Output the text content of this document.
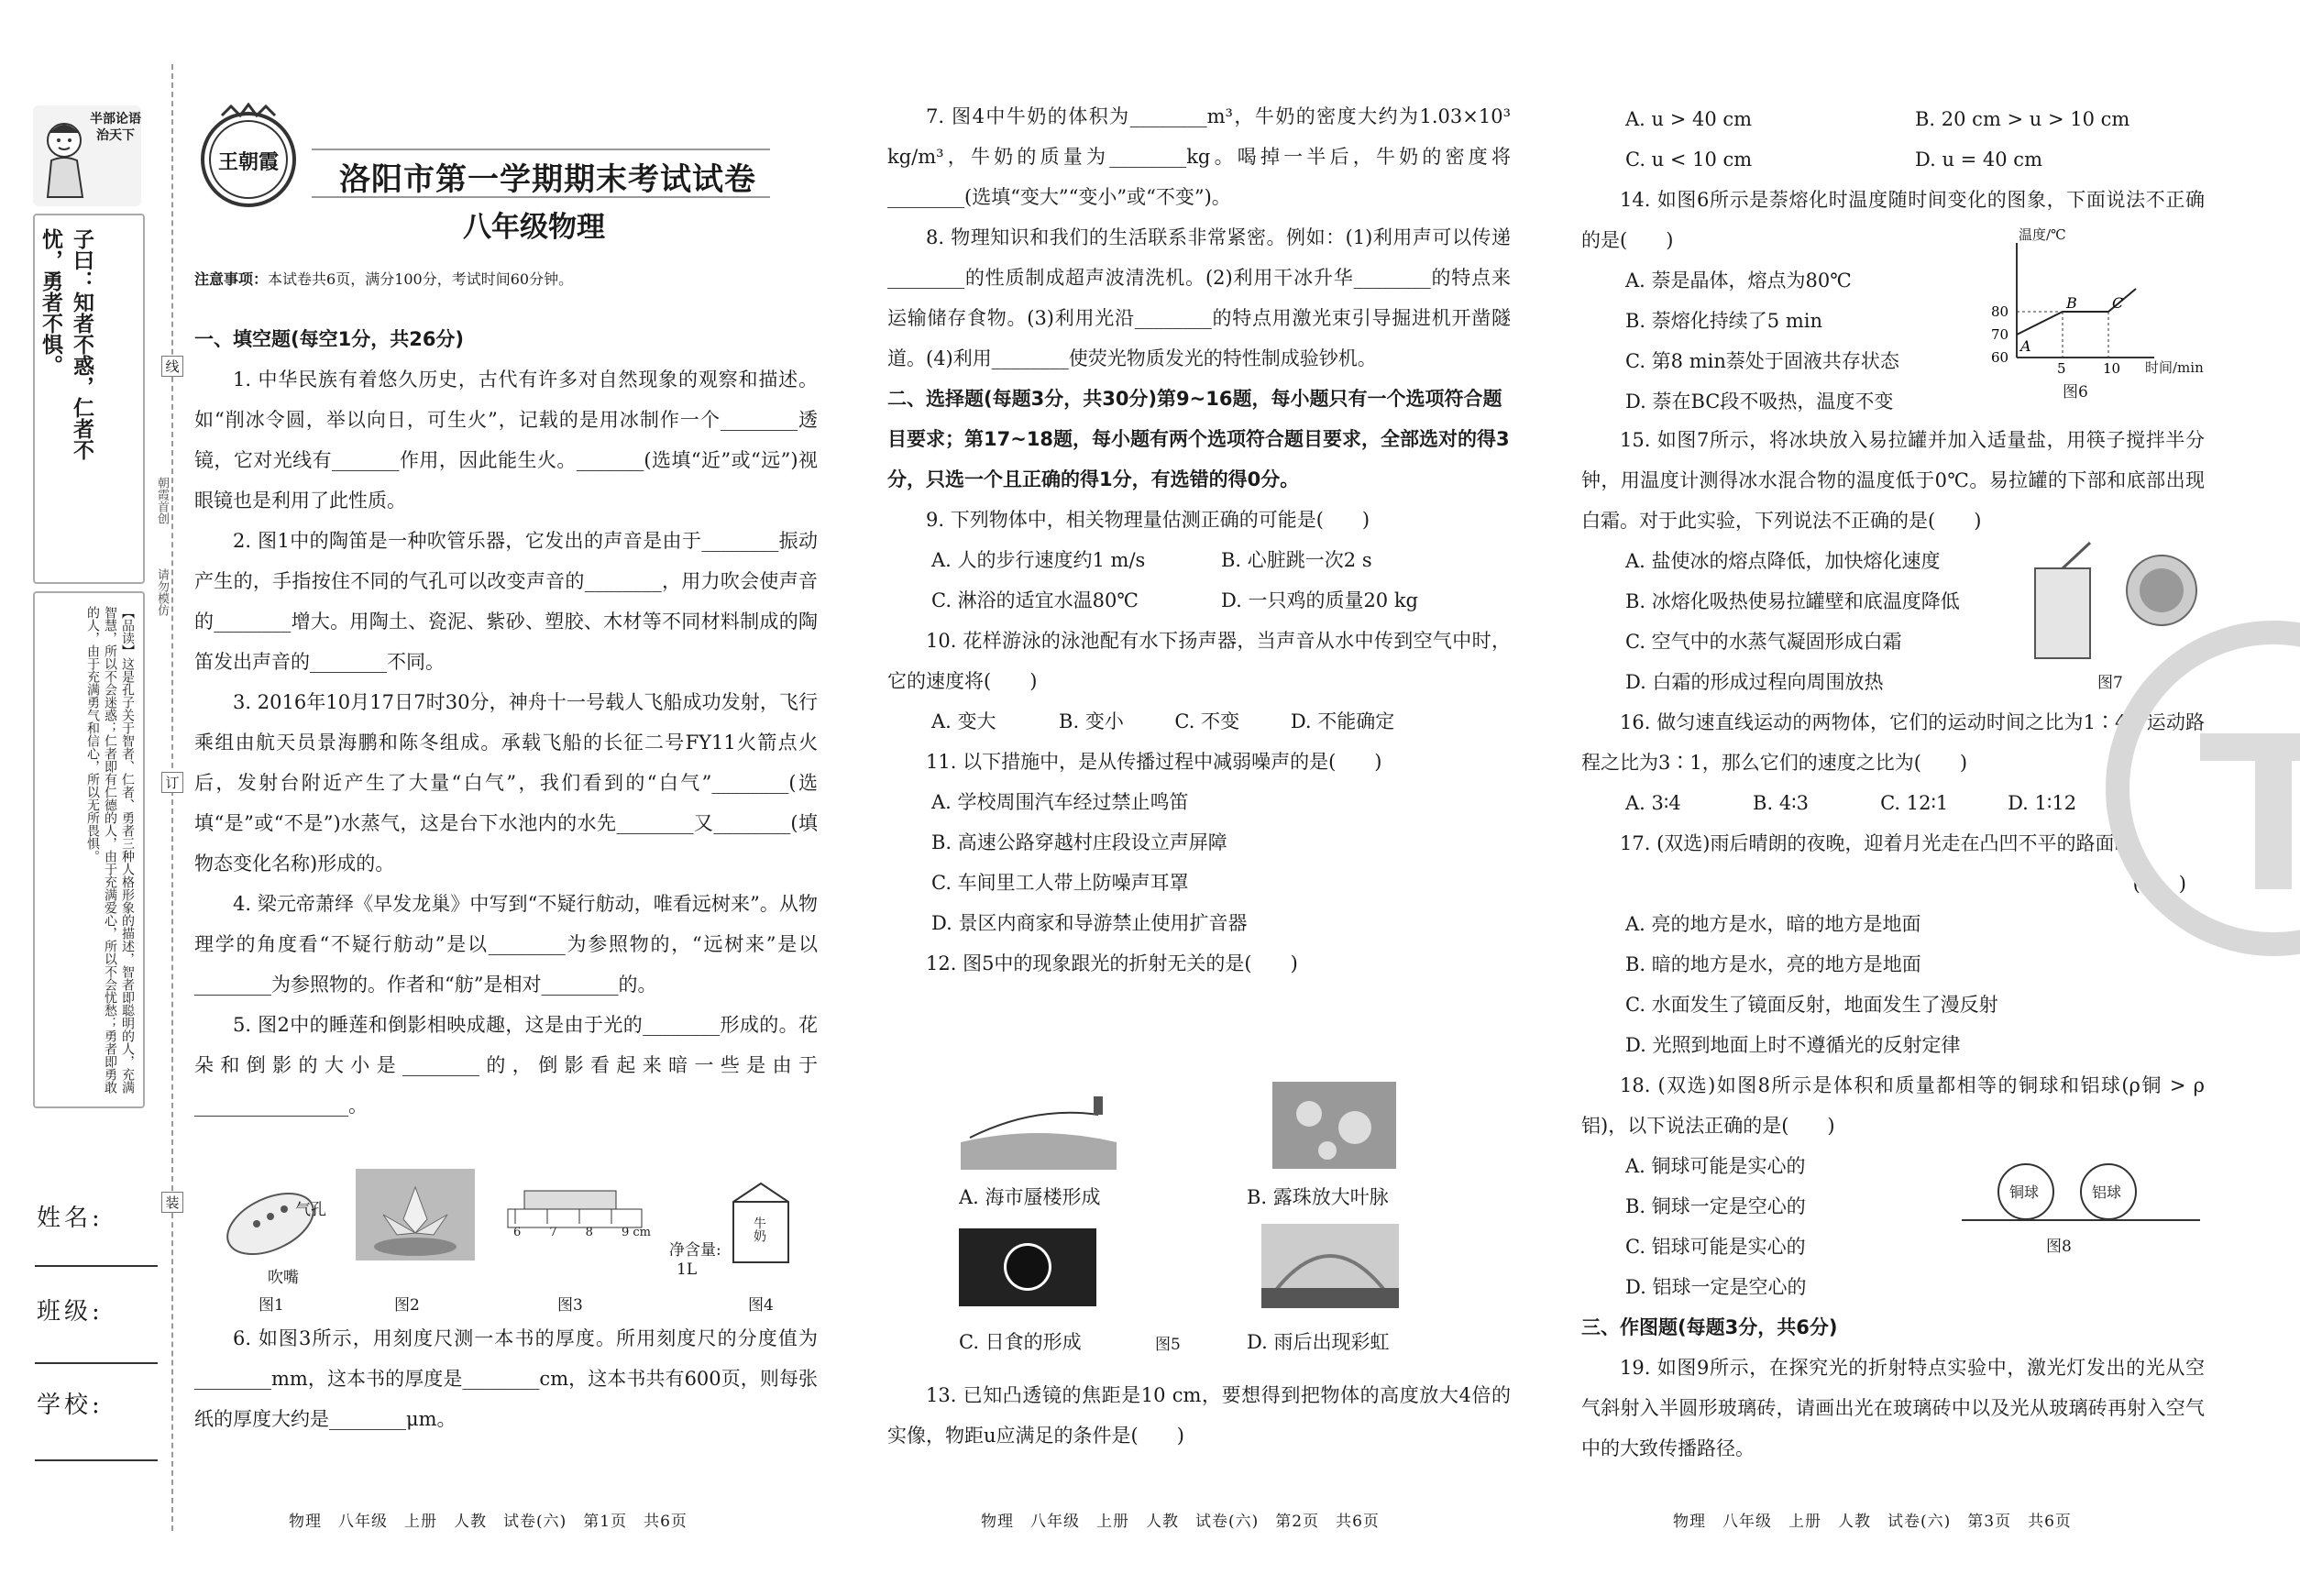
半部论语治天下
子曰：知者不惑，仁者不
忧，勇者不惧。
【品读】这是孔子关于智者、仁者、勇者三种人格形象的描述，智者即聪明的人，充满智慧，所以不会迷惑；仁者即有仁德的人，由于充满爱心，所以不会忧愁；勇者即勇敢的人，由于充满勇气和信心，所以无所畏惧。
姓名:
班级:
学校:
线
订
装
朝霞首创
请勿模仿
王朝霞 洛阳市第一学期期末考试试卷
八年级物理
注意事项：本试卷共6页，满分100分，考试时间60分钟。

一、填空题(每空1分，共26分)

1. 中华民族有着悠久历史，古代有许多对自然现象的观察和描述。如“削冰令圆，举以向日，可生火”，记载的是用冰制作一个________透镜，它对光线有_______作用，因此能生火。_______(选填“近”或“远”)视眼镜也是利用了此性质。

2. 图1中的陶笛是一种吹管乐器，它发出的声音是由于________振动产生的，手指按住不同的气孔可以改变声音的________，用力吹会使声音的________增大。用陶土、瓷泥、紫砂、塑胶、木材等不同材料制成的陶笛发出声音的________不同。

3. 2016年10月17日7时30分，神舟十一号载人飞船成功发射，飞行乘组由航天员景海鹏和陈冬组成。承载飞船的长征二号FY11火箭点火后，发射台附近产生了大量“白气”，我们看到的“白气”________(选填“是”或“不是”)水蒸气，这是台下水池内的水先________又________(填物态变化名称)形成的。

4. 梁元帝萧绎《早发龙巢》中写到“不疑行舫动，唯看远树来”。从物理学的角度看“不疑行舫动”是以________为参照物的，“远树来”是以________为参照物的。作者和“舫”是相对________的。

5. 图2中的睡莲和倒影相映成趣，这是由于光的________形成的。花朵和倒影的大小是________的，倒影看起来暗一些是由于________________。

气孔
吹嘴
图1	图2
6 7 8 9 cm
图3
牛奶
净含量:
1L
图4

6. 如图3所示，用刻度尺测一本书的厚度。所用刻度尺的分度值为________mm，这本书的厚度是________cm，这本书共有600页，则每张纸的厚度大约是________μm。

物理　八年级　上册　人教　试卷(六)　第1页　共6页

7. 图4中牛奶的体积为________m³，牛奶的密度大约为1.03×10³ kg/m³，牛奶的质量为________kg。喝掉一半后，牛奶的密度将________(选填“变大”“变小”或“不变”)。

8. 物理知识和我们的生活联系非常紧密。例如：(1)利用声可以传递________的性质制成超声波清洗机。(2)利用干冰升华________的特点来运输储存食物。(3)利用光沿________的特点用激光束引导掘进机开凿隧道。(4)利用________使荧光物质发光的特性制成验钞机。

二、选择题(每题3分，共30分)第9~16题，每小题只有一个选项符合题目要求；第17~18题，每小题有两个选项符合题目要求，全部选对的得3分，只选一个且正确的得1分，有选错的得0分。

9. 下列物体中，相关物理量估测正确的可能是(　　)

A. 人的步行速度约1 m/s	B. 心脏跳一次2 s
C. 淋浴的适宜水温80℃	D. 一只鸡的质量20 kg

10. 花样游泳的泳池配有水下扬声器，当声音从水中传到空气中时，它的速度将(　　)

A. 变大	B. 变小	C. 不变	D. 不能确定

11. 以下措施中，是从传播过程中减弱噪声的是(　　)

A. 学校周围汽车经过禁止鸣笛

B. 高速公路穿越村庄段设立声屏障

C. 车间里工人带上防噪声耳罩

D. 景区内商家和导游禁止使用扩音器

12. 图5中的现象跟光的折射无关的是(　　)

A. 海市蜃楼形成	B. 露珠放大叶脉
C. 日食的形成	D. 雨后出现彩虹
图5

13. 已知凸透镜的焦距是10 cm，要想得到把物体的高度放大4倍的实像，物距u应满足的条件是(　　)

物理　八年级　上册　人教　试卷(六)　第2页　共6页
A. u > 40 cm	B. 20 cm > u > 10 cm
C. u < 10 cm	D. u = 40 cm

14. 如图6所示是萘熔化时温度随时间变化的图象，下面说法不正确的是(　　)

A. 萘是晶体，熔点为80℃

B. 萘熔化持续了5 min

C. 第8 min萘处于固液共存状态

D. 萘在BC段不吸热，温度不变

60
70
80
5	10
A
B C
温度/℃
时间/min
图6

15. 如图7所示，将冰块放入易拉罐并加入适量盐，用筷子搅拌半分钟，用温度计测得冰水混合物的温度低于0℃。易拉罐的下部和底部出现白霜。对于此实验，下列说法不正确的是(　　)

A. 盐使冰的熔点降低，加快熔化速度

B. 冰熔化吸热使易拉罐壁和底温度降低

C. 空气中的水蒸气凝固形成白霜

D. 白霜的形成过程向周围放热

16. 做匀速直线运动的两物体，它们的运动时间之比为1∶4，运动路程之比为3∶1，那么它们的速度之比为(　　)

A. 3∶4	B. 4∶3	C. 12∶1	D. 1∶12

17. (双选)雨后晴朗的夜晚，迎着月光走在凸凹不平的路面时

(　　)

A. 亮的地方是水，暗的地方是地面

B. 暗的地方是水，亮的地方是地面

C. 水面发生了镜面反射，地面发生了漫反射

D. 光照到地面上时不遵循光的反射定律

18. (双选)如图8所示是体积和质量都相等的铜球和铝球(ρ铜 > ρ铝)，以下说法正确的是(　　)

A. 铜球可能是实心的

B. 铜球一定是空心的

C. 铝球可能是实心的

D. 铝球一定是空心的

三、作图题(每题3分，共6分)

19. 如图9所示，在探究光的折射特点实验中，激光灯发出的光从空气斜射入半圆形玻璃砖，请画出光在玻璃砖中以及光从玻璃砖再射入空气中的大致传播路径。

图7
铜球	铝球
图8
物理　八年级　上册　人教　试卷(六)　第3页　共6页
